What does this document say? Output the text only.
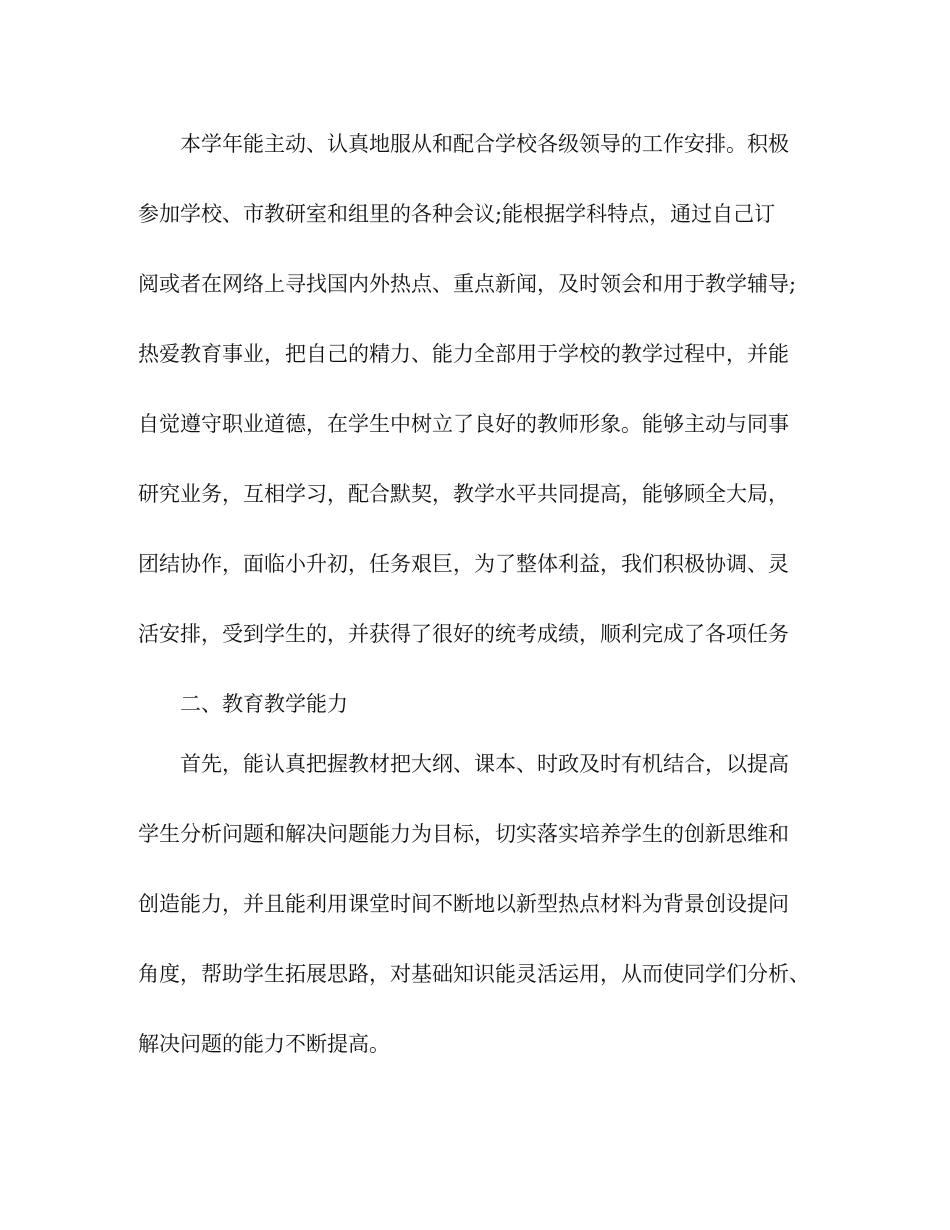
本学年能主动、认真地服从和配合学校各级领导的工作安排。积极
参加学校、市教研室和组里的各种会议;能根据学科特点，通过自己订
阅或者在网络上寻找国内外热点、重点新闻，及时领会和用于教学辅导;
热爱教育事业，把自己的精力、能力全部用于学校的教学过程中，并能
自觉遵守职业道德，在学生中树立了良好的教师形象。能够主动与同事
研究业务，互相学习，配合默契，教学水平共同提高，能够顾全大局，
团结协作，面临小升初，任务艰巨，为了整体利益，我们积极协调、灵
活安排，受到学生的，并获得了很好的统考成绩，顺利完成了各项任务
二、教育教学能力
首先，能认真把握教材把大纲、课本、时政及时有机结合，以提高
学生分析问题和解决问题能力为目标，切实落实培养学生的创新思维和
创造能力，并且能利用课堂时间不断地以新型热点材料为背景创设提问
角度，帮助学生拓展思路，对基础知识能灵活运用，从而使同学们分析、
解决问题的能力不断提高。
